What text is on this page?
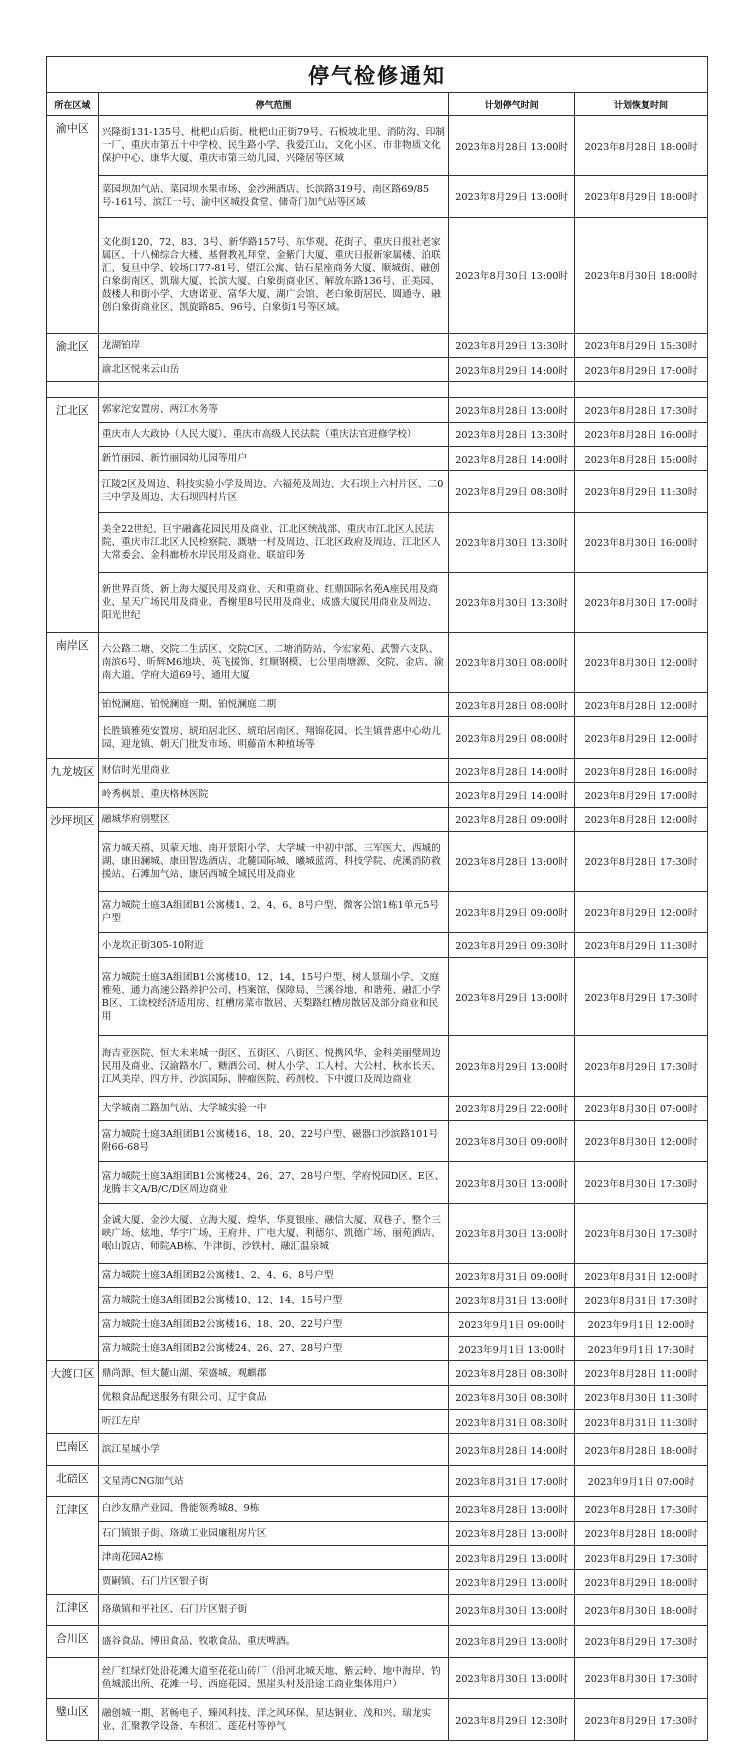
停气检修通知			
所在区域	停气范围	计划停气时间	计划恢复时间
渝中区	兴隆街131-135号、枇杷山后街、枇杷山正街79号、石板坡北里、消防沟、印制一厂、重庆市第五十中学校、民生路小学、我爱江山、文化小区、市非物质文化保护中心、康华大厦、重庆市第三幼儿园、兴隆居等区域	2023年8月28日 13:00时	2023年8月28日 18:00时
	菜园坝加气站、菜园坝水果市场、金沙洲酒店、长滨路319号、南区路69/85号-161号、滨江一号、渝中区城投食堂、储奇门加气站等区域	2023年8月29日 13:00时	2023年8月29日 18:00时
	文化街120、72、83、3号、新华路157号、东华观、花街子、重庆日报社老家属区、十八梯综合大楼、基督教礼拜堂、金紫门大厦、重庆日报新家属楼、泊联汇、复旦中学、较场口77-81号、望江公寓、钻石星座商务大厦、顺城街、融创白象街南区、凯瑞大厦、长滨大厦、白象街商业区、解放东路136号、正美园、鼓楼人和街小学、大唐诺亚、富华大厦、湖广会馆、老白象街居民、圆通寺、融创白象街商业区、凯旋路85、96号、白象街1号等区域。	2023年8月30日 13:00时	2023年8月30日 18:00时
渝北区	龙湖铂岸	2023年8月29日 13:30时	2023年8月29日 15:30时
	渝北区悦来云山岳	2023年8月29日 14:00时	2023年8月29日 17:00时

江北区	郭家沱安置房、两江水务等	2023年8月28日 13:00时	2023年8月28日 17:30时
	重庆市人大政协（人民大厦）、重庆市高级人民法院（重庆法官进修学校）	2023年8月28日 13:30时	2023年8月28日 16:00时
	新竹丽园、新竹丽园幼儿园等用户	2023年8月28日 14:00时	2023年8月28日 15:00时
	江陵2区及周边、科技实验小学及周边、六福苑及周边、大石坝上六村片区、二0三中学及周边、大石坝四村片区	2023年8月29日 08:30时	2023年8月29日 11:30时
	美全22世纪、巨宇融鑫花园民用及商业、江北区统战部、重庆市江北区人民法院、重庆市江北区人民检察院、溉塘一村及周边、江北区政府及周边、江北区人大常委会、金科廊桥水岸民用及商业、联谊印务	2023年8月30日 13:30时	2023年8月30日 16:00时
	新世界百货、新上海大厦民用及商业、天和重商业、红鼎国际名苑A座民用及商业、星天广场民用及商业、香榭里8号民用及商业、成盛大厦民用商业及周边、阳光世纪	2023年8月30日 13:30时	2023年8月30日 17:00时
南岸区	六公路二塘、交院二生活区、交院C区、二塘消防站、今宏家苑、武警六支队、南滨6号、昕辉M6地块、英飞援饰、红顺钢模、七公里南塘源、交院、金店、渝南大道、学府大道69号、通用大厦	2023年8月30日 08:00时	2023年8月30日 12:00时
	铂悦澜庭、铂悦澜庭一期、铂悦澜庭二期	2023年8月28日 08:00时	2023年8月28日 12:00时
	长胜镇雅苑安置房、琥珀居北区、琥珀居南区、翔锦花园、长生镇普惠中心幼儿园、迎龙镇、朝天门批发市场、明藤苗木种植场等	2023年8月29日 08:00时	2023年8月29日 12:00时
九龙坡区	财信时光里商业	2023年8月28日 14:00时	2023年8月28日 16:00时
	岭秀枫景、重庆格林医院	2023年8月29日 14:00时	2023年8月29日 17:00时
沙坪坝区	融城华府别墅区	2023年8月28日 09:00时	2023年8月28日 12:00时
	富力城天禧、贝蒙天地、南开景阳小学、大学城一中初中部、三军医大、西城的湖、康田澜城、康田智选酒店、北麓国际城、曦城蓝湾、科技学院、虎溪消防救援站、石滩加气站、康居西城全域民用及商业	2023年8月28日 13:00时	2023年8月28日 17:30时
	富力城院士庭3A组团B1公寓楼1、2、4、6、8号户型、微客公馆1栋1单元5号户型	2023年8月29日 09:00时	2023年8月29日 12:00时
	小龙坎正街305-10附近	2023年8月29日 09:30时	2023年8月29日 11:30时
	富力城院士庭3A组团B1公寓楼10、12、14、15号户型、树人景瑞小学、文庭雅苑、通力高速公路养护公司、档案馆、保障局、兰溪谷地、和谐苑、融汇小学B区、工读校经济适用房、红槽房菜市散居、天梨路红槽房散居及部分商业和民用	2023年8月29日 13:00时	2023年8月29日 17:30时
	海吉亚医院、恒大未来城一街区、五街区、八街区、悦携风华、金科美丽璧周边民用及商业、汉渝路水厂、糖酒公司、树人小学、工人村、大公村、秋水长天、江风美岸、四方井、沙滨国际、肿瘤医院、药剂校、下中渡口及周边商业	2023年8月29日 13:00时	2023年8月29日 17:30时
	大学城南二路加气站、大学城实验一中	2023年8月29日 22:00时	2023年8月30日 07:00时
	富力城院士庭3A组团B1公寓楼16、18、20、22号户型、磁器口沙滨路101号附66-68号	2023年8月30日 09:00时	2023年8月30日 12:00时
	富力城院士庭3A组团B1公寓楼24、26、27、28号户型、学府悦园D区、E区、龙腾丰文A/B/C/D区周边商业	2023年8月30日 13:00时	2023年8月30日 17:30时
	金诚大厦、金沙大厦、立海大厦、煌华、华夏银座、融信大厦、双巷子、整个三峡广场、炫地、华宇广场、王府井、广电大厦、利德尔、凯德广场、丽苑酒店、岷山饭店、师院AB栋、牛津街、沙铁村、融汇温泉城	2023年8月30日 13:00时	2023年8月30日 17:30时
	富力城院士庭3A组团B2公寓楼1、2、4、6、8号户型	2023年8月31日 09:00时	2023年8月31日 12:00时
	富力城院士庭3A组团B2公寓楼10、12、14、15号户型	2023年8月31日 13:00时	2023年8月31日 17:30时
	富力城院士庭3A组团B2公寓楼16、18、20、22号户型	2023年9月1日 09:00时	2023年9月1日 12:00时
	富力城院士庭3A组团B2公寓楼24、26、27、28号户型	2023年9月1日 13:00时	2023年9月1日 17:30时
大渡口区	鼎尚源、恒大麓山湖、荣盛城、观麒郡	2023年8月28日 08:30时	2023年8月28日 11:00时
	优粮食品配送服务有限公司、辽宇食品	2023年8月30日 08:30时	2023年8月30日 11:30时
	听江左岸	2023年8月31日 08:30时	2023年8月31日 11:30时
巴南区	滨江星城小学	2023年8月28日 14:00时	2023年8月28日 18:00时
北碚区	文星湾CNG加气站	2023年8月31日 17:00时	2023年9月1日 07:00时
江津区	白沙友鼎产业园、鲁能领秀城8、9栋	2023年8月28日 13:00时	2023年8月28日 17:30时
	石门镇银子街、珞璜工业园廉租房片区	2023年8月28日 13:00时	2023年8月28日 18:00时
	津南花园A2栋	2023年8月29日 13:00时	2023年8月29日 17:30时
	贾嗣镇、石门片区银子街	2023年8月29日 13:00时	2023年8月29日 18:00时
江津区	珞璜镇和平社区、石门片区银子街	2023年8月30日 13:00时	2023年8月30日 18:00时
合川区	盛谷食品、博田食品、牧歌食品、重庆啤酒。	2023年8月29日 13:00时	2023年8月29日 17:30时
	丝厂红绿灯处沿花滩大道至花花山砖厂（沿河北城天地、紫云岭、地中海岸、钓鱼城派出所、花滩一号、西庭花园、黑崖头村及沿途工商业集体用户）	2023年8月30日 13:00时	2023年8月30日 17:30时
璧山区	融创城一期、茗畅电子、臻风科技、洋之风环保、星达铜业、茂和兴、瑞龙实业、汇聚教学设备、车积汇、莲花村等停气	2023年8月29日 12:30时	2023年8月29日 17:30时
